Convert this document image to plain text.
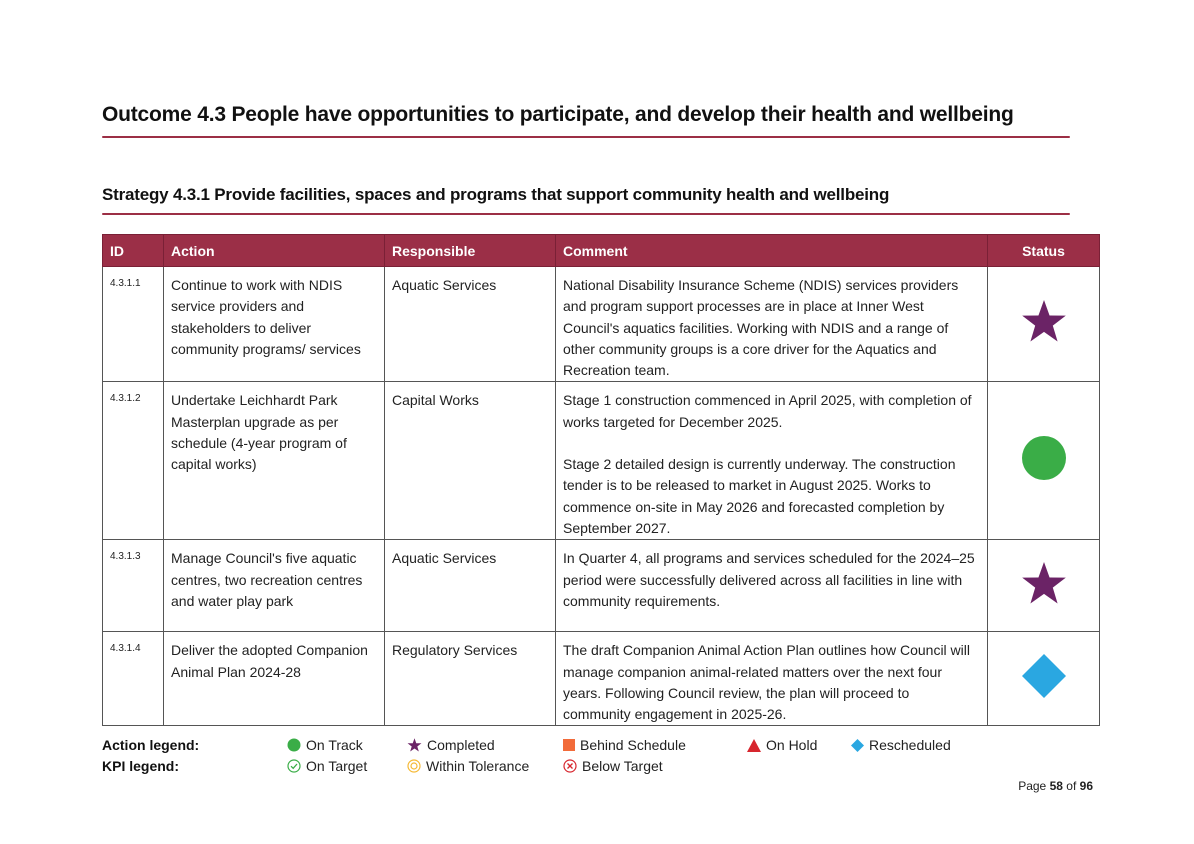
Outcome 4.3 People have opportunities to participate, and develop their health and wellbeing
Strategy 4.3.1 Provide facilities, spaces and programs that support community health and wellbeing
ID	Action	Responsible	Comment	Status
4.3.1.1	Continue to work with NDIS service providers and stakeholders to deliver community programs/ services	Aquatic Services	National Disability Insurance Scheme (NDIS) services providers and program support processes are in place at Inner West Council's aquatics facilities. Working with NDIS and a range of other community groups is a core driver for the Aquatics and Recreation team.

4.3.1.2	Undertake Leichhardt Park Masterplan upgrade as per schedule (4-year program of capital works)	Capital Works	Stage 1 construction commenced in April 2025, with completion of works targeted for December 2025.
Stage 2 detailed design is currently underway. The construction tender is to be released to market in August 2025. Works to commence on-site in May 2026 and forecasted completion by September 2027.

4.3.1.3	Manage Council's five aquatic centres, two recreation centres and water play park	Aquatic Services	In Quarter 4, all programs and services scheduled for the 2024–25 period were successfully delivered across all facilities in line with community requirements.

4.3.1.4	Deliver the adopted Companion Animal Plan 2024-28	Regulatory Services	The draft Companion Animal Action Plan outlines how Council will manage companion animal-related matters over the next four years. Following Council review, the plan will proceed to community engagement in 2025-26.

Action legend:	On Track	Completed	Behind Schedule	On Hold	Rescheduled
KPI legend:	On Target	Within Tolerance	Below Target
Page 58 of 96
